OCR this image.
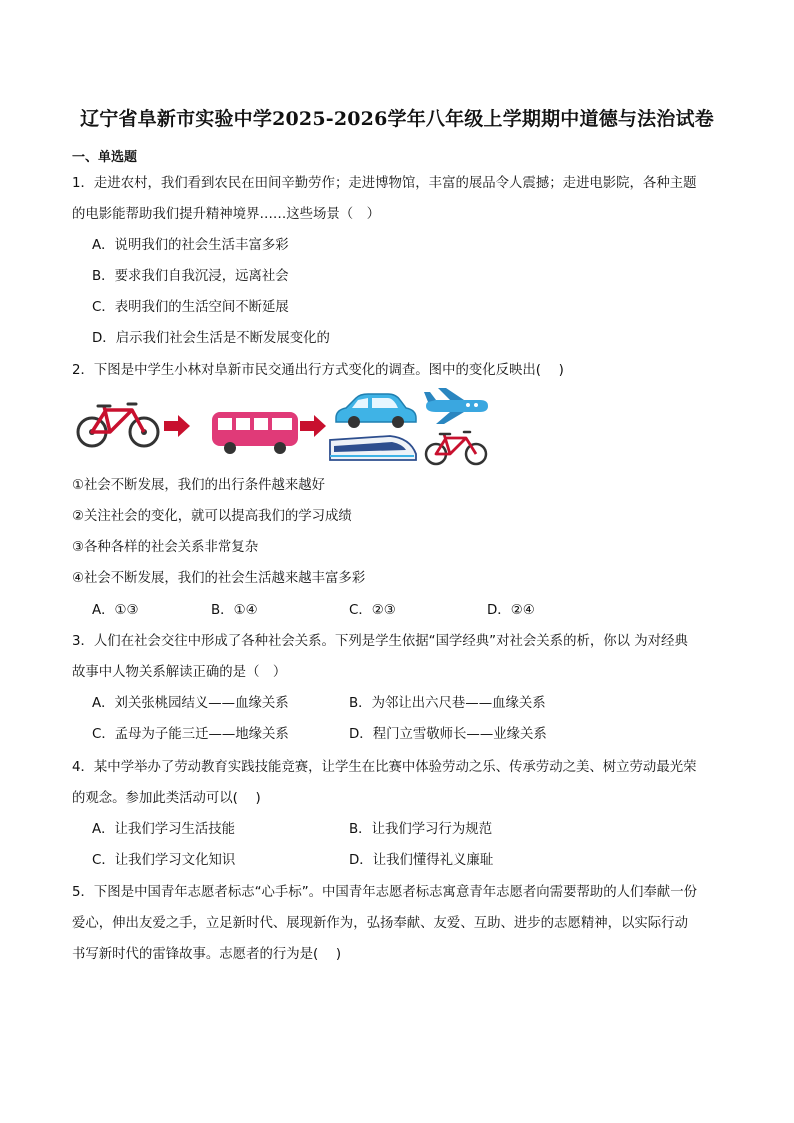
辽宁省阜新市实验中学2025-2026学年八年级上学期期中道德与法治试卷
一、单选题
1．走进农村，我们看到农民在田间辛勤劳作；走进博物馆，丰富的展品令人震撼；走进电影院，各种主题
的电影能帮助我们提升精神境界……这些场景（　）
A．说明我们的社会生活丰富多彩
B．要求我们自我沉浸，远离社会
C．表明我们的生活空间不断延展
D．启示我们社会生活是不断发展变化的
2．下图是中学生小林对阜新市民交通出行方式变化的调查。图中的变化反映出(　 )
①社会不断发展，我们的出行条件越来越好
②关注社会的变化，就可以提高我们的学习成绩
③各种各样的社会关系非常复杂
④社会不断发展，我们的社会生活越来越丰富多彩
A．①③	B．①④	C．②③	D．②④
3．人们在社会交往中形成了各种社会关系。下列是学生依据“国学经典”对社会关系的析，你以 为对经典
故事中人物关系解读正确的是（　）
A．刘关张桃园结义——血缘关系	B．为邻让出六尺巷——血缘关系
C．孟母为子能三迁——地缘关系	D．程门立雪敬师长——业缘关系
4．某中学举办了劳动教育实践技能竞赛，让学生在比赛中体验劳动之乐、传承劳动之美、树立劳动最光荣
的观念。参加此类活动可以(　 )
A．让我们学习生活技能	B．让我们学习行为规范
C．让我们学习文化知识	D．让我们懂得礼义廉耻
5．下图是中国青年志愿者标志“心手标”。中国青年志愿者标志寓意青年志愿者向需要帮助的人们奉献一份
爱心，伸出友爱之手，立足新时代、展现新作为，弘扬奉献、友爱、互助、进步的志愿精神，以实际行动
书写新时代的雷锋故事。志愿者的行为是(　 )
